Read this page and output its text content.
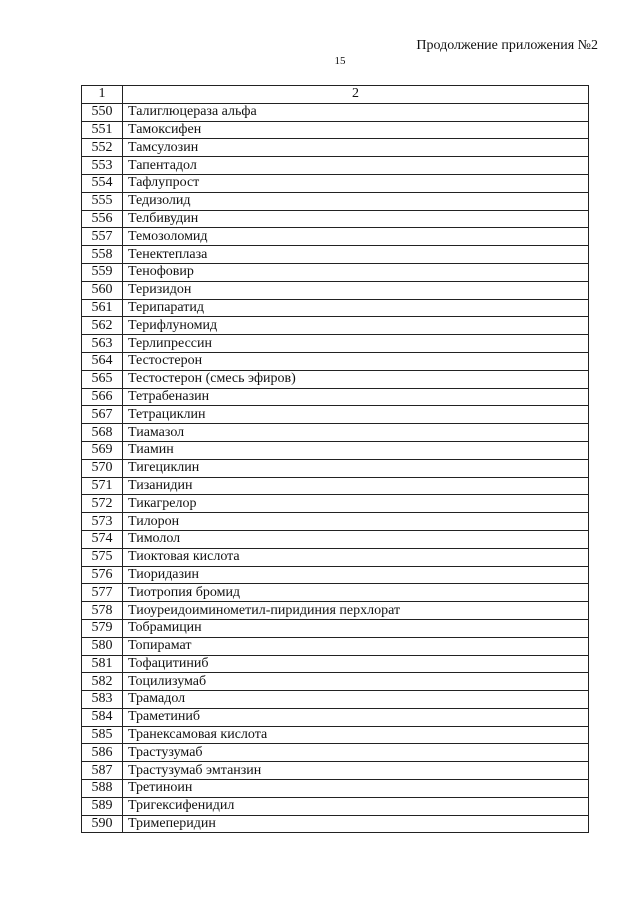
Продолжение приложения №2
15
1	2
550	Талиглюцераза альфа
551	Тамоксифен
552	Тамсулозин
553	Тапентадол
554	Тафлупрост
555	Тедизолид
556	Телбивудин
557	Темозоломид
558	Тенектеплаза
559	Тенофовир
560	Теризидон
561	Терипаратид
562	Терифлуномид
563	Терлипрессин
564	Тестостерон
565	Тестостерон (смесь эфиров)
566	Тетрабеназин
567	Тетрациклин
568	Тиамазол
569	Тиамин
570	Тигециклин
571	Тизанидин
572	Тикагрелор
573	Тилорон
574	Тимолол
575	Тиоктовая кислота
576	Тиоридазин
577	Тиотропия бромид
578	Тиоуреидоиминометил-пиридиния перхлорат
579	Тобрамицин
580	Топирамат
581	Тофацитиниб
582	Тоцилизумаб
583	Трамадол
584	Траметиниб
585	Транексамовая кислота
586	Трастузумаб
587	Трастузумаб эмтанзин
588	Третиноин
589	Тригексифенидил
590	Тримеперидин
